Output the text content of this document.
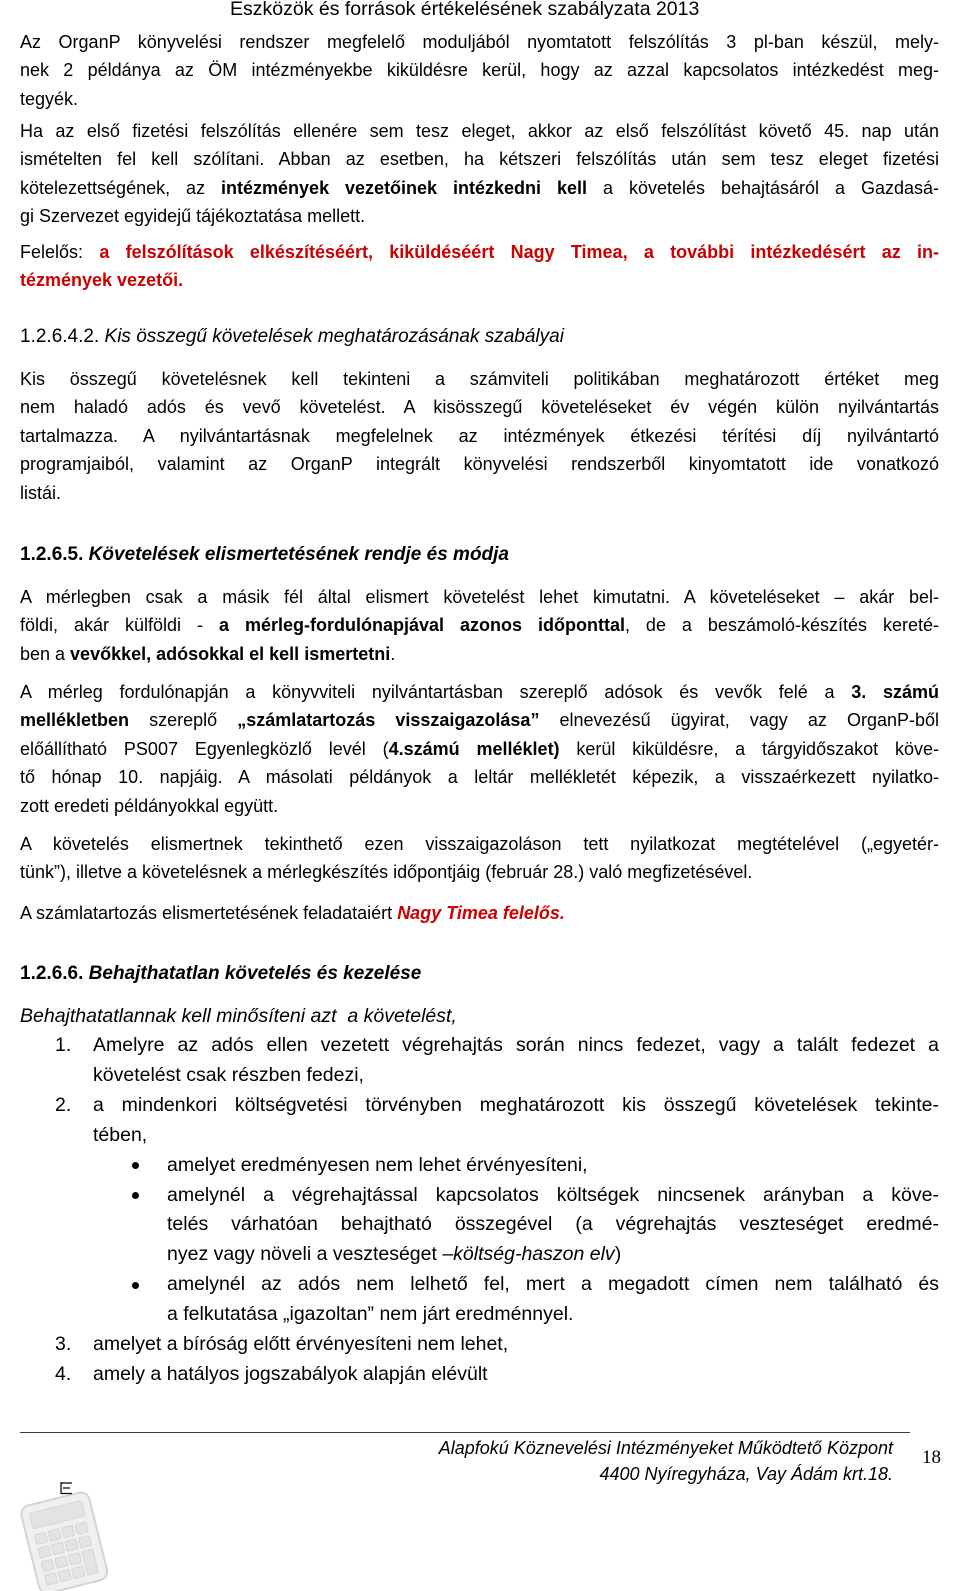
Eszközök és források értékelésének szabályzata 2013
Az OrganP könyvelési rendszer megfelelő moduljából nyomtatott felszólítás 3 pl-ban készül, mely-
nek 2 példánya az ÖM intézményekbe kiküldésre kerül, hogy az azzal kapcsolatos intézkedést meg-
tegyék.
Ha az első fizetési felszólítás ellenére sem tesz eleget, akkor az első felszólítást követő 45. nap után
ismételten fel kell szólítani. Abban az esetben, ha kétszeri felszólítás után sem tesz eleget fizetési
kötelezettségének, az intézmények vezetőinek intézkedni kell a követelés behajtásáról a Gazdasá-
gi Szervezet egyidejű tájékoztatása mellett.
Felelős: a felszólítások elkészítéséért, kiküldéséért Nagy Timea, a további intézkedésért az in-
tézmények vezetői.
1.2.6.4.2. Kis összegű követelések meghatározásának szabályai
Kis összegű követelésnek kell tekinteni a számviteli politikában meghatározott értéket meg
nem haladó adós és vevő követelést. A kisösszegű követeléseket év végén külön nyilvántartás
tartalmazza. A nyilvántartásnak megfelelnek az intézmények étkezési térítési díj nyilvántartó
programjaiból, valamint az OrganP integrált könyvelési rendszerből kinyomtatott ide vonatkozó
listái.
1.2.6.5. Követelések elismertetésének rendje és módja
A mérlegben csak a másik fél által elismert követelést lehet kimutatni. A követeléseket – akár bel-
földi, akár külföldi - a mérleg-fordulónapjával azonos időponttal, de a beszámoló-készítés kereté-
ben a vevőkkel, adósokkal el kell ismertetni.
A mérleg fordulónapján a könyvviteli nyilvántartásban szereplő adósok és vevők felé a 3. számú
mellékletben szereplő „számlatartozás visszaigazolása” elnevezésű ügyirat, vagy az OrganP-ből
előállítható PS007 Egyenlegközlő levél (4.számú melléklet) kerül kiküldésre, a tárgyidőszakot köve-
tő hónap 10. napjáig. A másolati példányok a leltár mellékletét képezik, a visszaérkezett nyilatko-
zott eredeti példányokkal együtt.
A követelés elismertnek tekinthető ezen visszaigazoláson tett nyilatkozat megtételével („egyetér-
tünk”), illetve a követelésnek a mérlegkészítés időpontjáig (február 28.) való megfizetésével.
A számlatartozás elismertetésének feladataiért Nagy Timea felelős.
1.2.6.6. Behajthatatlan követelés és kezelése
Behajthatatlannak kell minősíteni azt  a követelést,
1. Amelyre az adós ellen vezetett végrehajtás során nincs fedezet, vagy a talált fedezet a
követelést csak részben fedezi,
2. a mindenkori költségvetési törvényben meghatározott kis összegű követelések tekinte-
tében,
amelyet eredményesen nem lehet érvényesíteni,
amelynél a végrehajtással kapcsolatos költségek nincsenek arányban a köve-
telés várhatóan behajtható összegével (a végrehajtás veszteséget eredmé-
nyez vagy növeli a veszteséget –költség-haszon elv)
amelynél az adós nem lelhető fel, mert a megadott címen nem található és
a felkutatása „igazoltan” nem járt eredménnyel.
3. amelyet a bíróság előtt érvényesíteni nem lehet,
4. amely a hatályos jogszabályok alapján elévült
Alapfokú Köznevelési Intézményeket Működtető Központ
4400 Nyíregyháza, Vay Ádám krt.18.
18
